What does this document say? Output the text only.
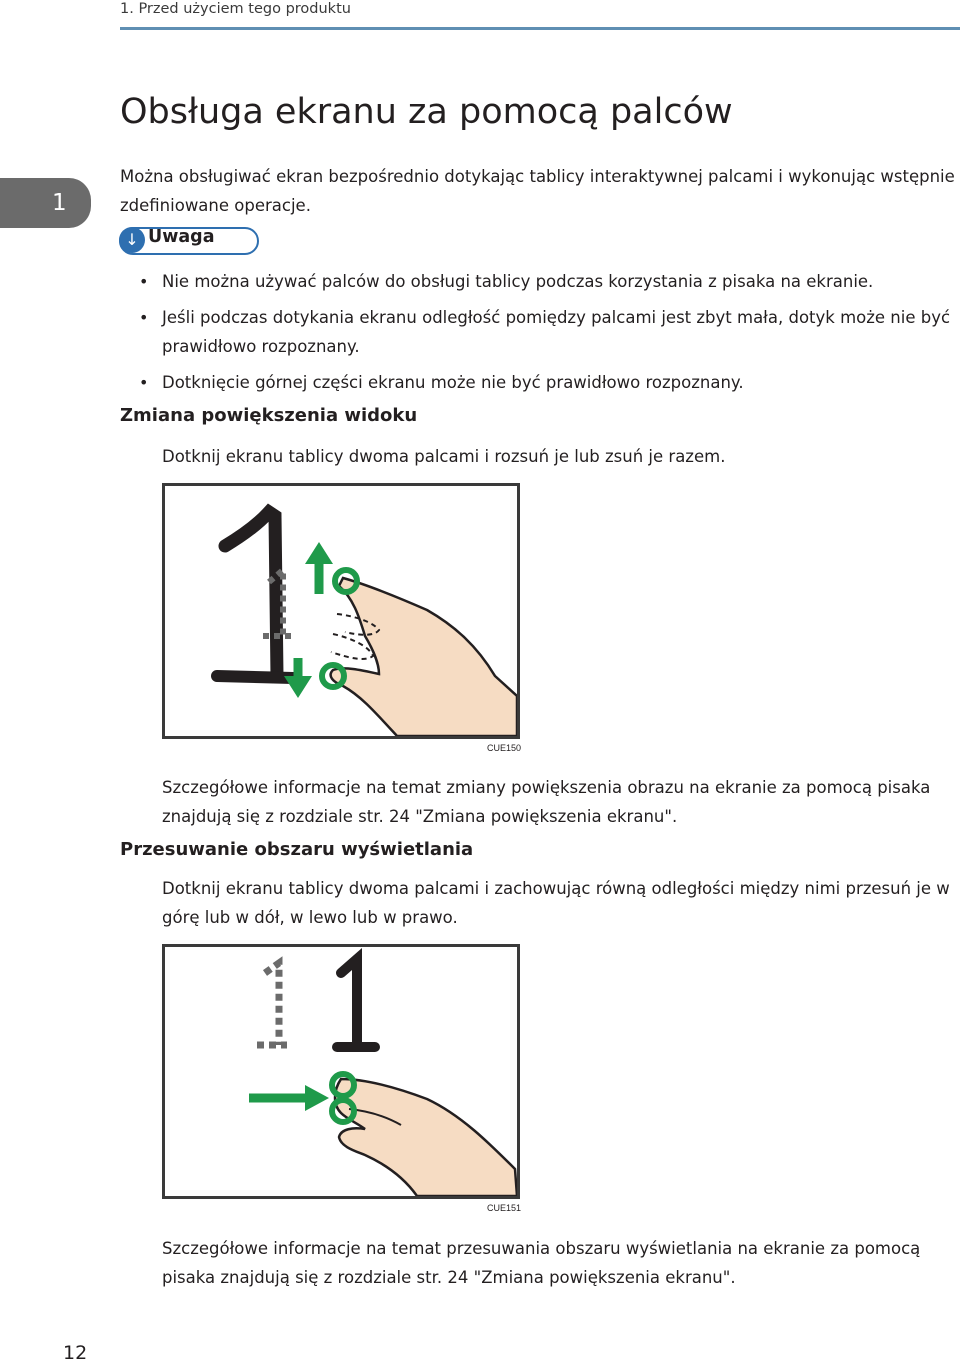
1. Przed użyciem tego produktu
1
Obsługa ekranu za pomocą palców
Można obsługiwać ekran bezpośrednio dotykając tablicy interaktywnej palcami i wykonując wstępnie zdefiniowane operacje.
↓ Uwaga
• Nie można używać palców do obsługi tablicy podczas korzystania z pisaka na ekranie.
• Jeśli podczas dotykania ekranu odległość pomiędzy palcami jest zbyt mała, dotyk może nie być prawidłowo rozpoznany.
• Dotknięcie górnej części ekranu może nie być prawidłowo rozpoznany.
Zmiana powiększenia widoku
Dotknij ekranu tablicy dwoma palcami i rozsuń je lub zsuń je razem.
CUE150
Szczegółowe informacje na temat zmiany powiększenia obrazu na ekranie za pomocą pisaka znajdują się z rozdziale str. 24 "Zmiana powiększenia ekranu".
Przesuwanie obszaru wyświetlania
Dotknij ekranu tablicy dwoma palcami i zachowując równą odległości między nimi przesuń je w górę lub w dół, w lewo lub w prawo.
CUE151
Szczegółowe informacje na temat przesuwania obszaru wyświetlania na ekranie za pomocą pisaka znajdują się z rozdziale str. 24 "Zmiana powiększenia ekranu".
12
